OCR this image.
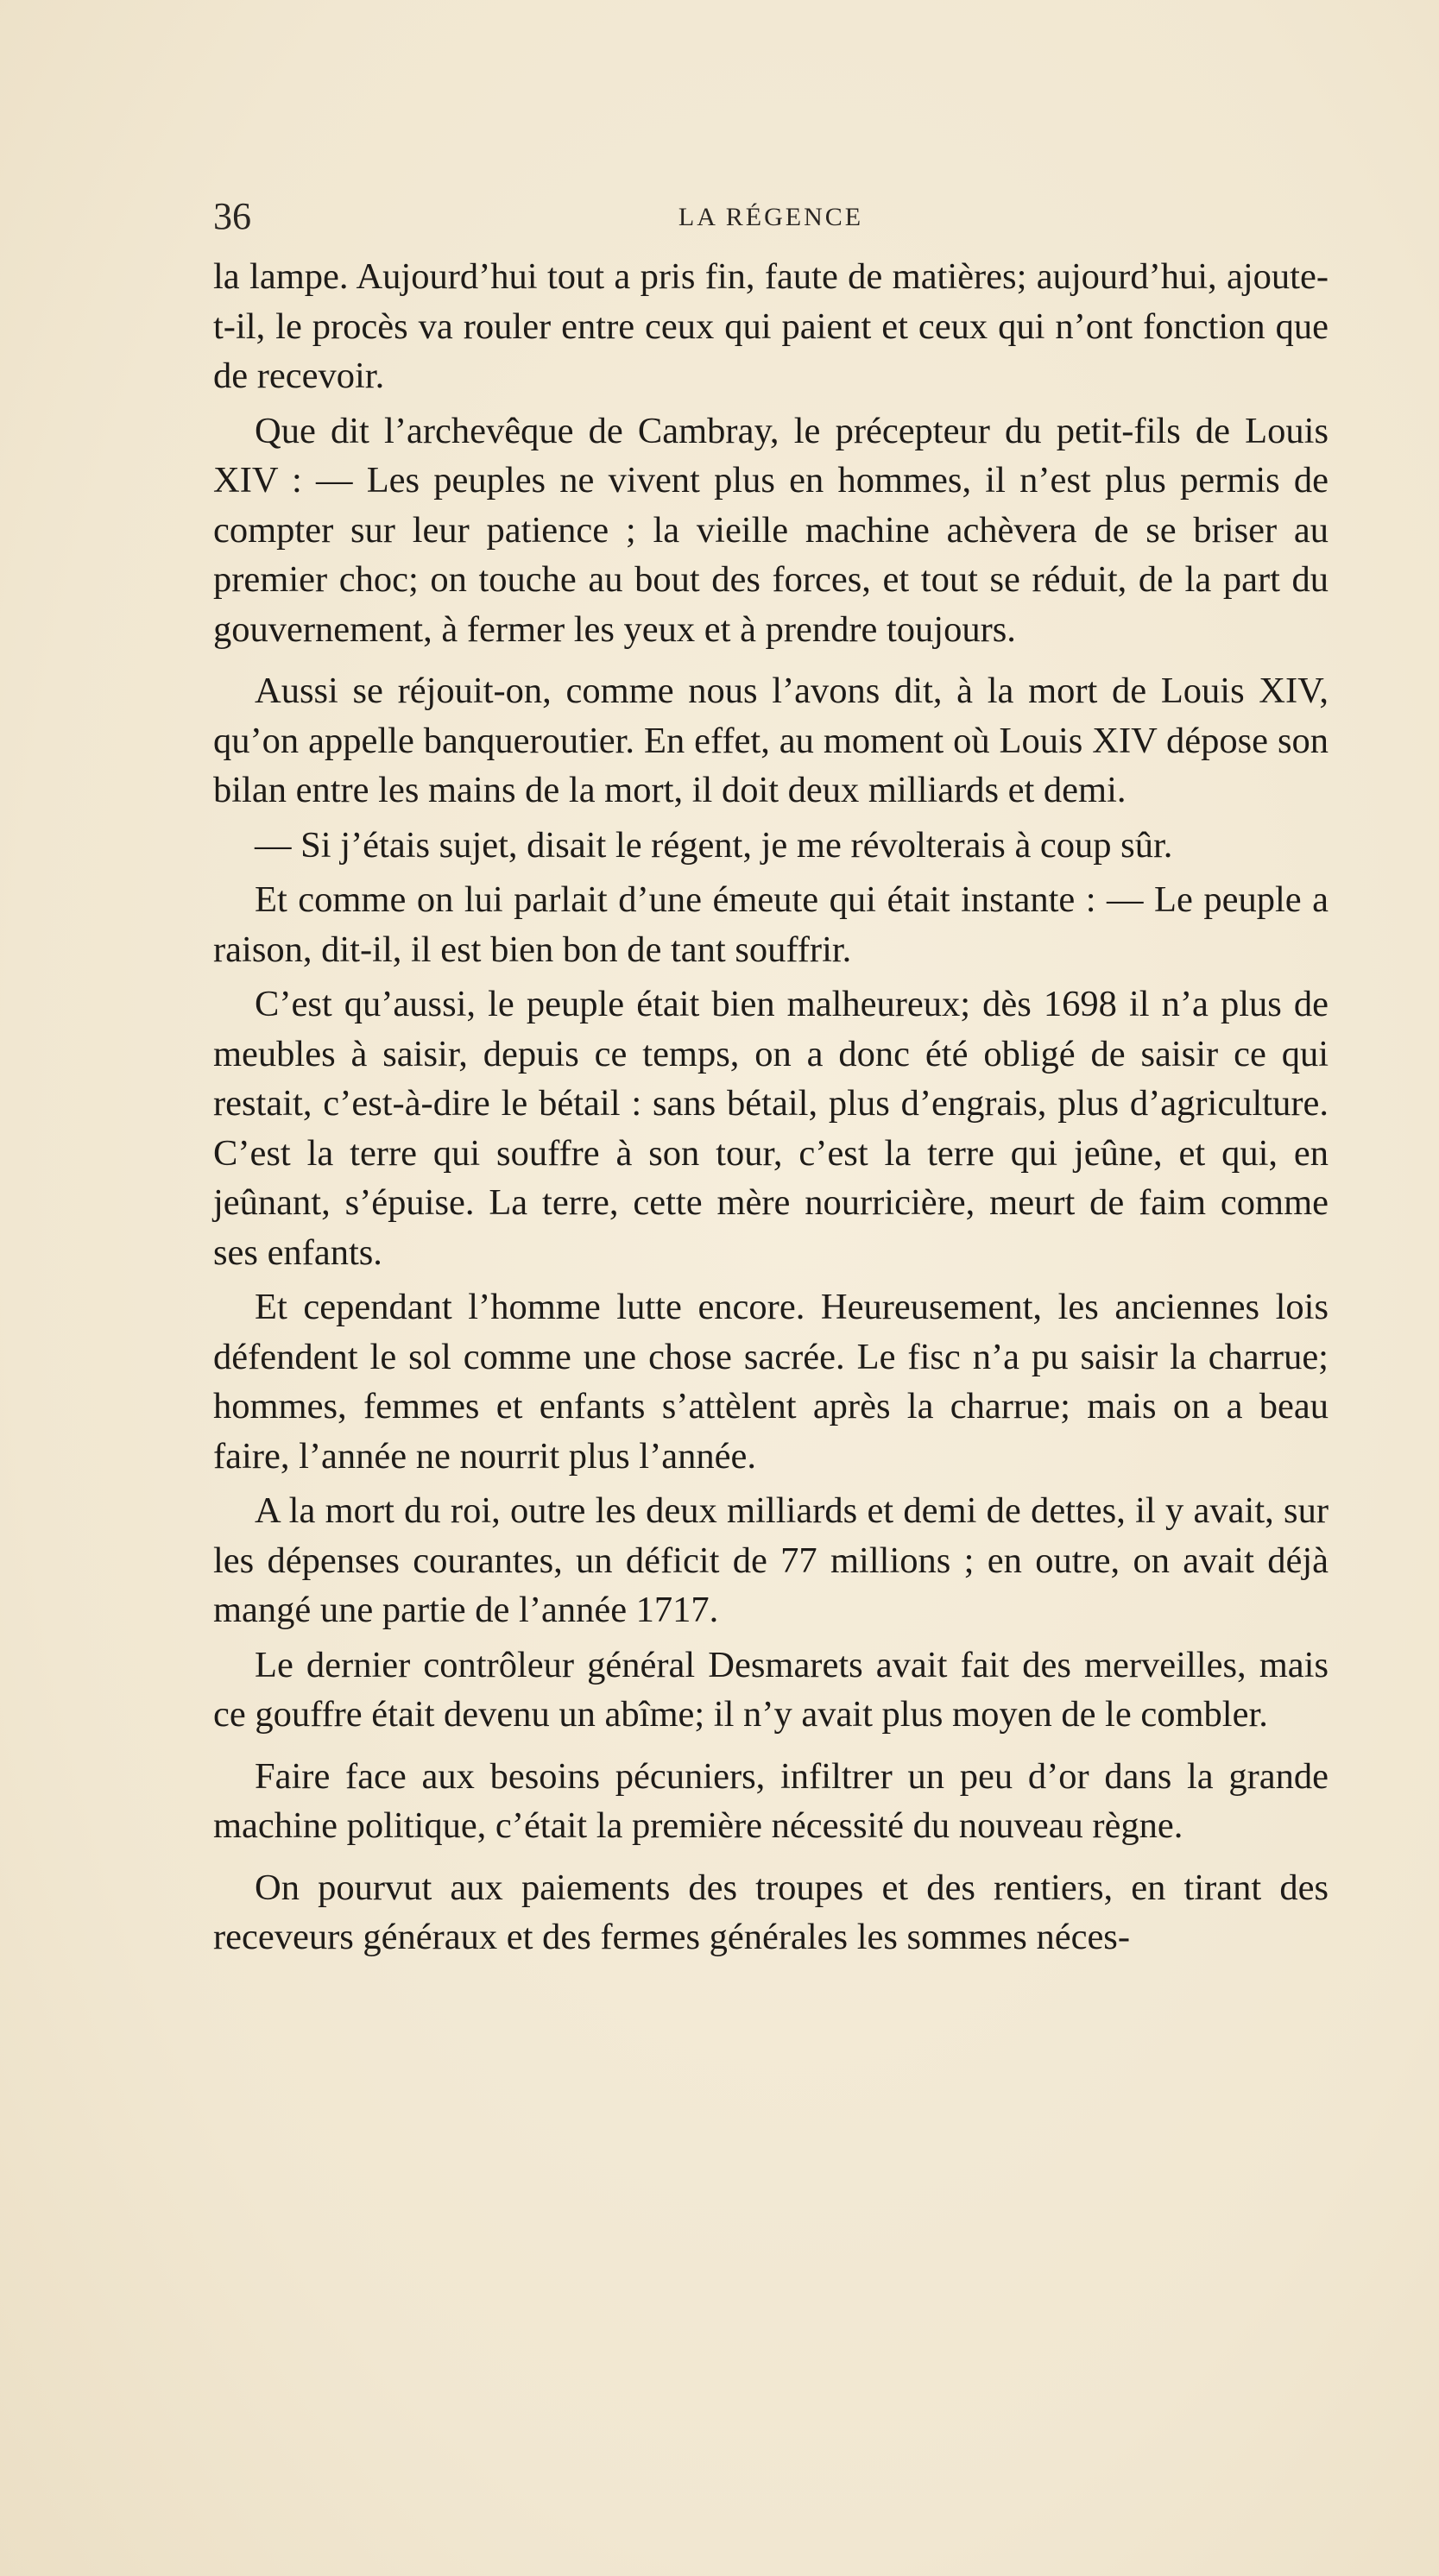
36	LA RÉGENCE

la lampe. Aujourd’hui tout a pris fin, faute de matières; aujourd’hui, ajoute-t-il, le procès va rouler entre ceux qui paient et ceux qui n’ont fonction que de recevoir.

Que dit l’archevêque de Cambray, le précepteur du petit-fils de Louis XIV : — Les peuples ne vivent plus en hommes, il n’est plus permis de compter sur leur patience ; la vieille machine achèvera de se briser au premier choc; on touche au bout des forces, et tout se réduit, de la part du gouvernement, à fermer les yeux et à prendre toujours.

Aussi se réjouit-on, comme nous l’avons dit, à la mort de Louis XIV, qu’on appelle banqueroutier. En effet, au moment où Louis XIV dépose son bilan entre les mains de la mort, il doit deux milliards et demi.

— Si j’étais sujet, disait le régent, je me révolterais à coup sûr.

Et comme on lui parlait d’une émeute qui était instante : — Le peuple a raison, dit-il, il est bien bon de tant souffrir.

C’est qu’aussi, le peuple était bien malheureux; dès 1698 il n’a plus de meubles à saisir, depuis ce temps, on a donc été obligé de saisir ce qui restait, c’est-à-dire le bétail : sans bétail, plus d’engrais, plus d’agriculture. C’est la terre qui souffre à son tour, c’est la terre qui jeûne, et qui, en jeûnant, s’épuise. La terre, cette mère nourricière, meurt de faim comme ses enfants.

Et cependant l’homme lutte encore. Heureusement, les anciennes lois défendent le sol comme une chose sacrée. Le fisc n’a pu saisir la charrue; hommes, femmes et enfants s’attèlent après la charrue; mais on a beau faire, l’année ne nourrit plus l’année.

A la mort du roi, outre les deux milliards et demi de dettes, il y avait, sur les dépenses courantes, un déficit de 77 millions ; en outre, on avait déjà mangé une partie de l’année 1717.

Le dernier contrôleur général Desmarets avait fait des merveilles, mais ce gouffre était devenu un abîme; il n’y avait plus moyen de le combler.

Faire face aux besoins pécuniers, infiltrer un peu d’or dans la grande machine politique, c’était la première nécessité du nouveau règne.

On pourvut aux paiements des troupes et des rentiers, en tirant des receveurs généraux et des fermes générales les sommes néces-
